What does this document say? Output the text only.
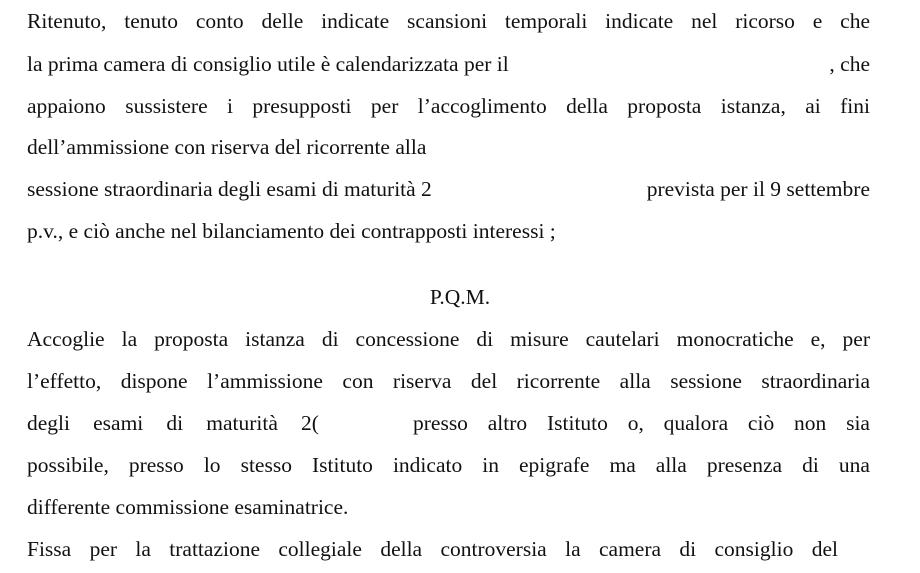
Ritenuto, tenuto conto delle indicate scansioni temporali indicate nel ricorso e che
la prima camera di consiglio utile è calendarizzata per il	, che
appaiono sussistere i presupposti per l’accoglimento della proposta istanza, ai fini
dell’ammissione con riserva del ricorrente alla
sessione straordinaria degli esami di maturità 2	prevista per il 9 settembre
p.v., e ciò anche nel bilanciamento dei contrapposti interessi ;
P.Q.M.
Accoglie la proposta istanza di concessione di misure cautelari monocratiche e, per
l’effetto, dispone l’ammissione con riserva del ricorrente alla sessione straordinaria
degli esami di maturità 2(	presso altro Istituto o, qualora ciò non sia
possibile, presso lo stesso Istituto indicato in epigrafe ma alla presenza di una
differente commissione esaminatrice.
Fissa per la trattazione collegiale della controversia la camera di consiglio del
